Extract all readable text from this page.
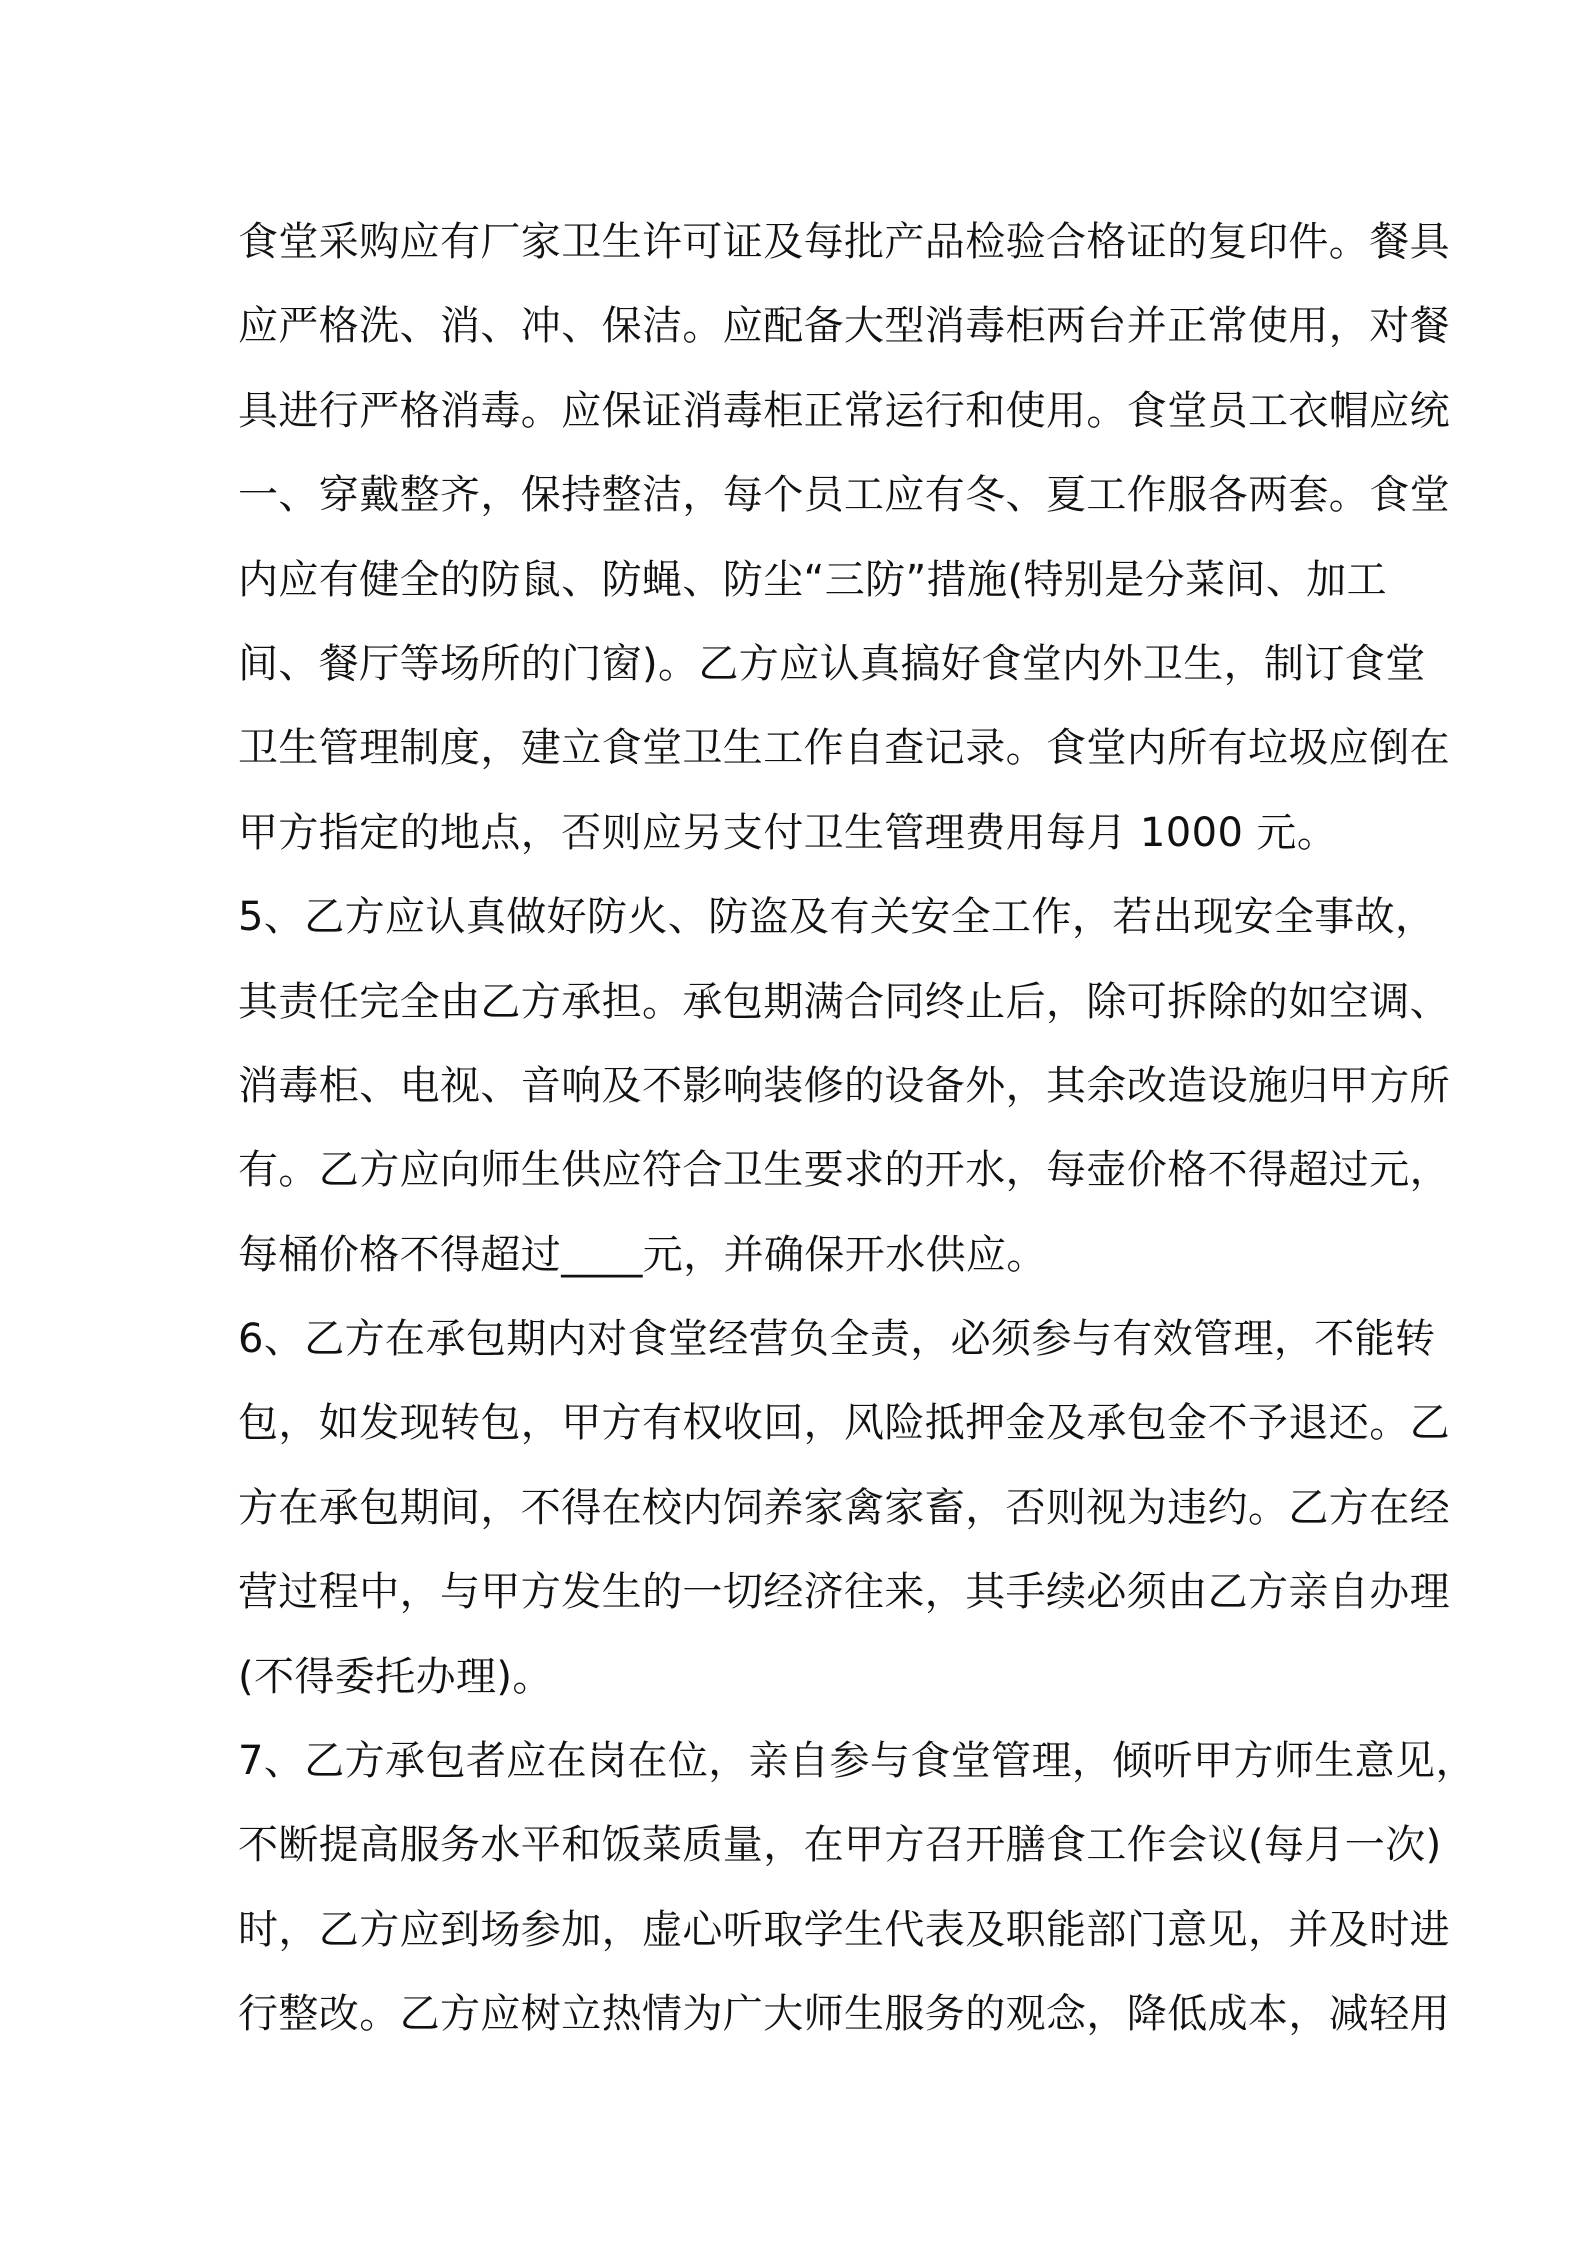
食堂采购应有厂家卫生许可证及每批产品检验合格证的复印件。餐具
应严格洗、消、冲、保洁。应配备大型消毒柜两台并正常使用，对餐
具进行严格消毒。应保证消毒柜正常运行和使用。食堂员工衣帽应统
一、穿戴整齐，保持整洁，每个员工应有冬、夏工作服各两套。食堂
内应有健全的防鼠、防蝇、防尘“三防”措施(特别是分菜间、加工
间、餐厅等场所的门窗)。乙方应认真搞好食堂内外卫生，制订食堂
卫生管理制度，建立食堂卫生工作自查记录。食堂内所有垃圾应倒在
甲方指定的地点，否则应另支付卫生管理费用每月 1000 元。
5、乙方应认真做好防火、防盗及有关安全工作，若出现安全事故，
其责任完全由乙方承担。承包期满合同终止后，除可拆除的如空调、
消毒柜、电视、音响及不影响装修的设备外，其余改造设施归甲方所
有。乙方应向师生供应符合卫生要求的开水，每壶价格不得超过元，
每桶价格不得超过____元，并确保开水供应。
6、乙方在承包期内对食堂经营负全责，必须参与有效管理，不能转
包，如发现转包，甲方有权收回，风险抵押金及承包金不予退还。乙
方在承包期间，不得在校内饲养家禽家畜，否则视为违约。乙方在经
营过程中，与甲方发生的一切经济往来，其手续必须由乙方亲自办理
(不得委托办理)。
7、乙方承包者应在岗在位，亲自参与食堂管理，倾听甲方师生意见，
不断提高服务水平和饭菜质量，在甲方召开膳食工作会议(每月一次)
时，乙方应到场参加，虚心听取学生代表及职能部门意见，并及时进
行整改。乙方应树立热情为广大师生服务的观念，降低成本，减轻用
